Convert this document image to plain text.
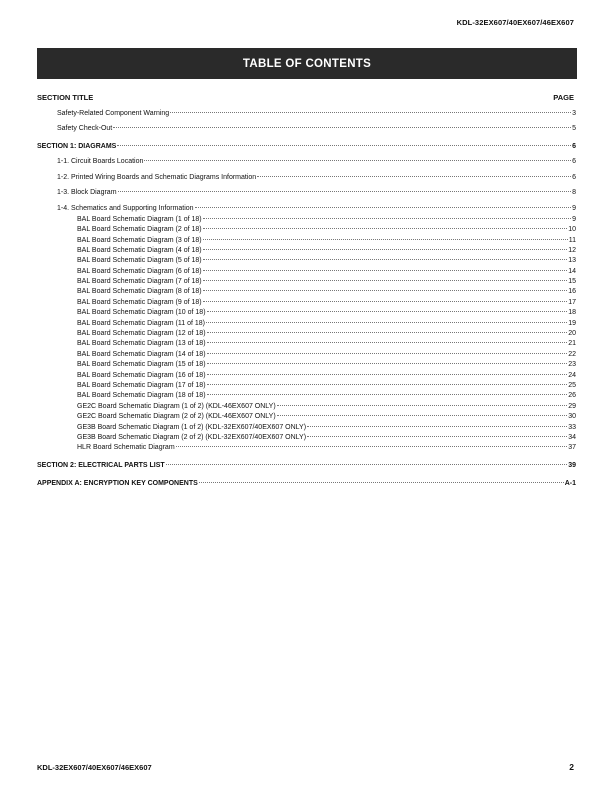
KDL-32EX607/40EX607/46EX607
TABLE OF CONTENTS
SECTION TITLE	PAGE
Safety-Related Component Warning	3
Safety Check-Out	5
SECTION 1: DIAGRAMS	6
1-1. Circuit Boards Location	6
1-2. Printed Wiring Boards and Schematic Diagrams Information	6
1-3. Block Diagram	8
1-4. Schematics and Supporting Information	9
BAL Board Schematic Diagram (1 of 18)	9
BAL Board Schematic Diagram (2 of 18)	10
BAL Board Schematic Diagram (3 of 18)	11
BAL Board Schematic Diagram (4 of 18)	12
BAL Board Schematic Diagram (5 of 18)	13
BAL Board Schematic Diagram (6 of 18)	14
BAL Board Schematic Diagram (7 of 18)	15
BAL Board Schematic Diagram (8 of 18)	16
BAL Board Schematic Diagram (9 of 18)	17
BAL Board Schematic Diagram (10 of 18)	18
BAL Board Schematic Diagram (11 of 18)	19
BAL Board Schematic Diagram (12 of 18)	20
BAL Board Schematic Diagram (13 of 18)	21
BAL Board Schematic Diagram (14 of 18)	22
BAL Board Schematic Diagram (15 of 18)	23
BAL Board Schematic Diagram (16 of 18)	24
BAL Board Schematic Diagram (17 of 18)	25
BAL Board Schematic Diagram (18 of 18)	26
GE2C Board Schematic Diagram (1 of 2) (KDL-46EX607 ONLY)	29
GE2C Board Schematic Diagram (2 of 2) (KDL-46EX607 ONLY)	30
GE3B Board Schematic Diagram (1 of 2) (KDL-32EX607/40EX607 ONLY)	33
GE3B Board Schematic Diagram (2 of 2) (KDL-32EX607/40EX607 ONLY)	34
HLR Board Schematic Diagram	37
SECTION 2: ELECTRICAL PARTS LIST	39
APPENDIX A: ENCRYPTION KEY COMPONENTS	A-1
KDL-32EX607/40EX607/46EX607	2
